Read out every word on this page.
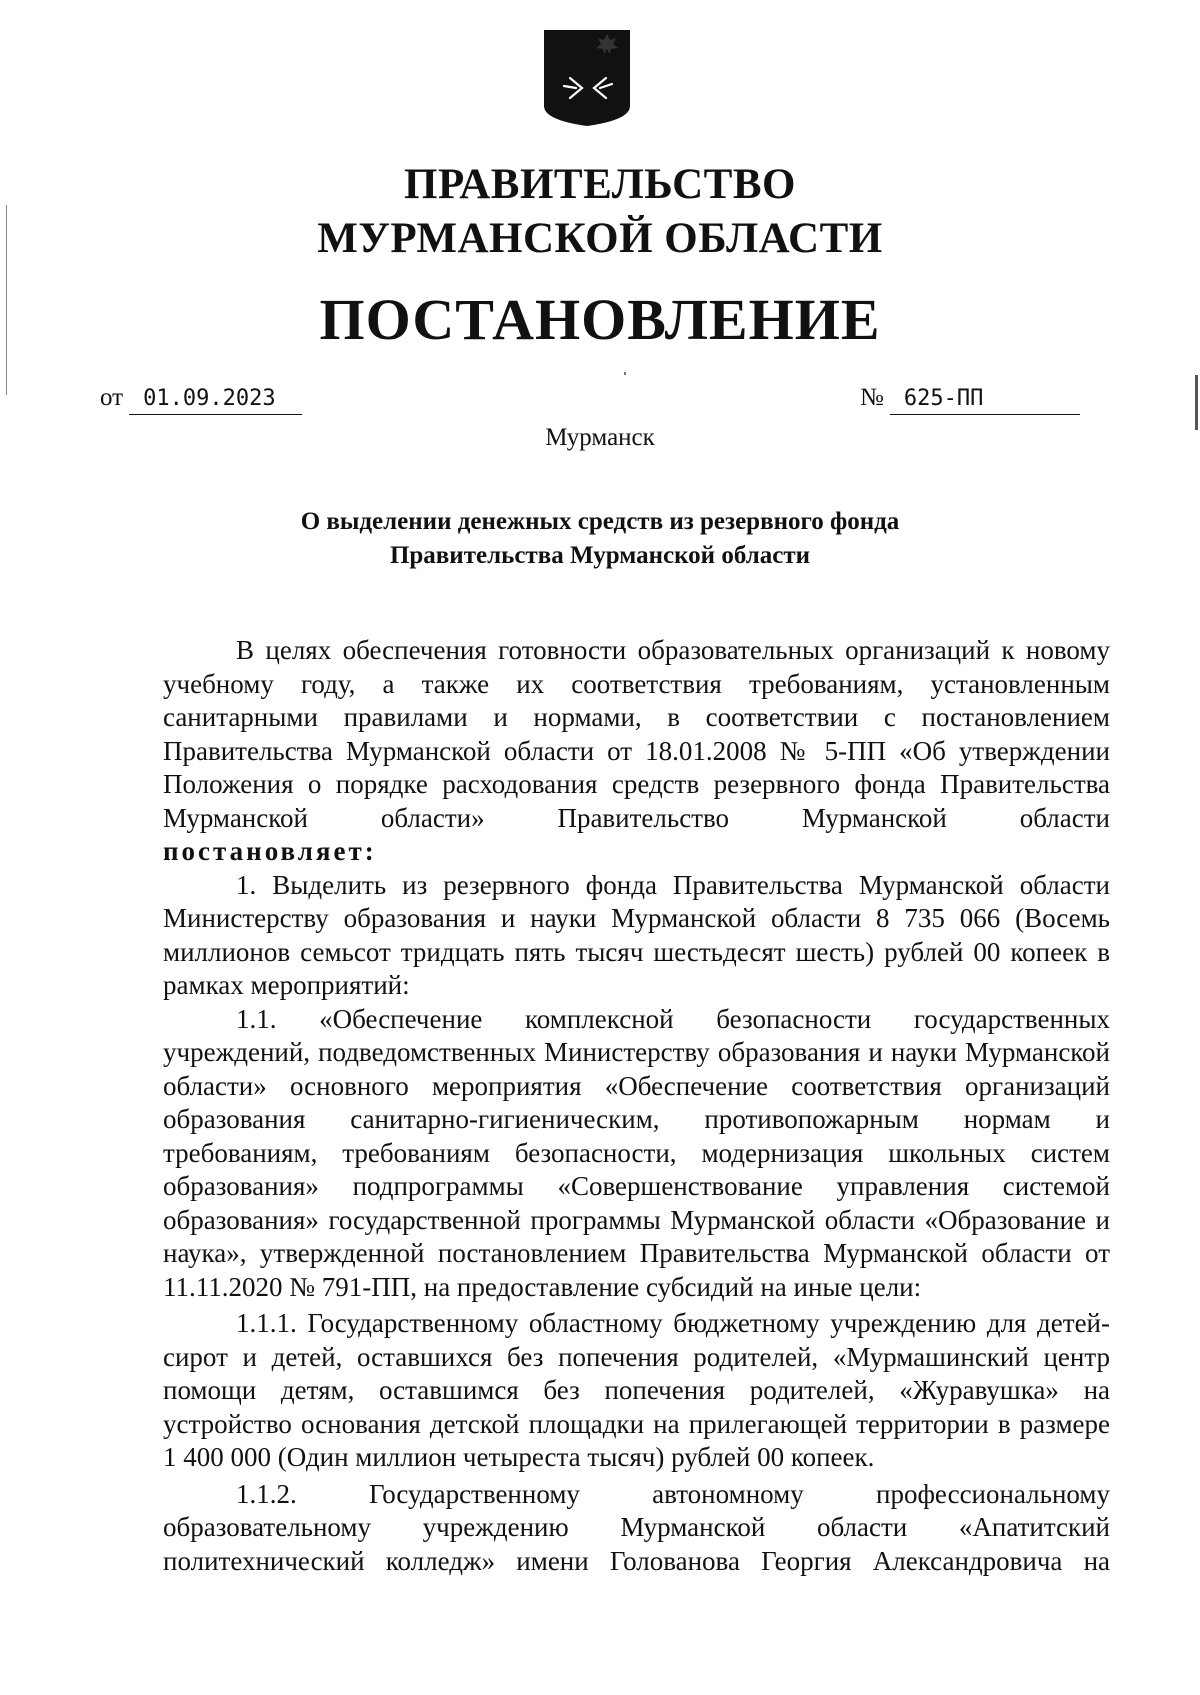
ПРАВИТЕЛЬСТВО
МУРМАНСКОЙ ОБЛАСТИ
ПОСТАНОВЛЕНИЕ
от 01.09.2023	№ 625-ПП
Мурманск
О выделении денежных средств из резервного фонда
Правительства Мурманской области

В целях обеспечения готовности образовательных организаций к новому учебному году, а также их соответствия требованиям, установленным санитарными правилами и нормами, в соответствии с постановлением Правительства Мурманской области от 18.01.2008 № 5-ПП «Об утверждении Положения о порядке расходования средств резервного фонда Правительства Мурманской области» Правительство Мурманской области

постановляет:

1. Выделить из резервного фонда Правительства Мурманской области Министерству образования и науки Мурманской области 8 735 066 (Восемь миллионов семьсот тридцать пять тысяч шестьдесят шесть) рублей 00 копеек в рамках мероприятий:

1.1. «Обеспечение комплексной безопасности государственных учреждений, подведомственных Министерству образования и науки Мурманской области» основного мероприятия «Обеспечение соответствия организаций образования санитарно-гигиеническим, противопожарным нормам и требованиям, требованиям безопасности, модернизация школьных систем образования» подпрограммы «Совершенствование управления системой образования» государственной программы Мурманской области «Образование и наука», утвержденной постановлением Правительства Мурманской области от 11.11.2020 № 791-ПП, на предоставление субсидий на иные цели:

1.1.1. Государственному областному бюджетному учреждению для детей-сирот и детей, оставшихся без попечения родителей, «Мурмашинский центр помощи детям, оставшимся без попечения родителей, «Журавушка» на устройство основания детской площадки на прилегающей территории в размере 1 400 000 (Один миллион четыреста тысяч) рублей 00 копеек.

1.1.2. Государственному автономному профессиональному образовательному учреждению Мурманской области «Апатитский политехнический колледж» имени Голованова Георгия Александровича на
